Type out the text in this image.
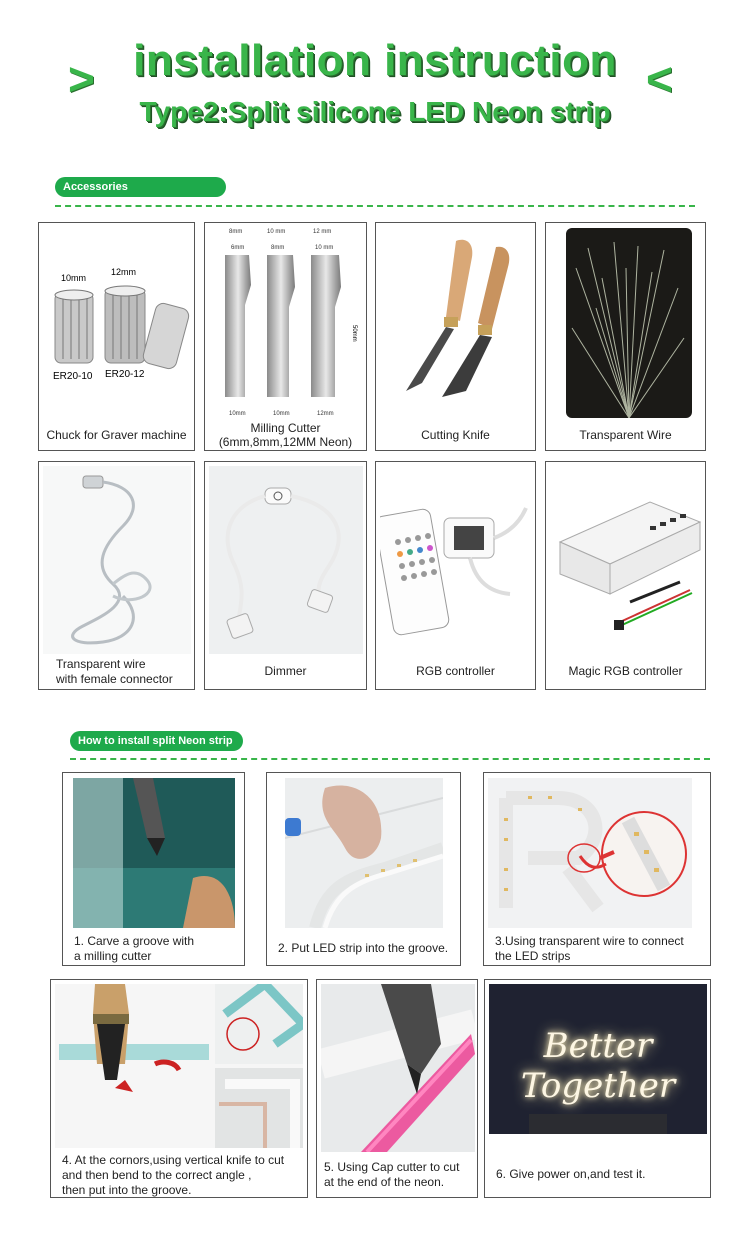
>	<
installation instruction
Type2:Split silicone LED Neon strip
Accessories
10mm
12mm
ER20-10 ER20-12
Chuck for Graver machine
8mm	10 mm	12 mm
6mm	8mm	10 mm
10mm	10mm	12mm
50mm
Milling Cutter
(6mm,8mm,12MM Neon)	Cutting Knife	Transparent Wire
Transparent wire
with female connector
Dimmer	RGB controller	Magic RGB controller
How to install split Neon strip
1. Carve a groove with
a milling cutter
2. Put LED strip into the groove.	3.Using transparent wire to connect
the LED strips
4. At the cornors,using vertical knife to cut
and then bend to the correct angle ,
then put into the groove.
5. Using Cap cutter to cut
at the end of the neon.
Better Together
6. Give power on,and test it.
